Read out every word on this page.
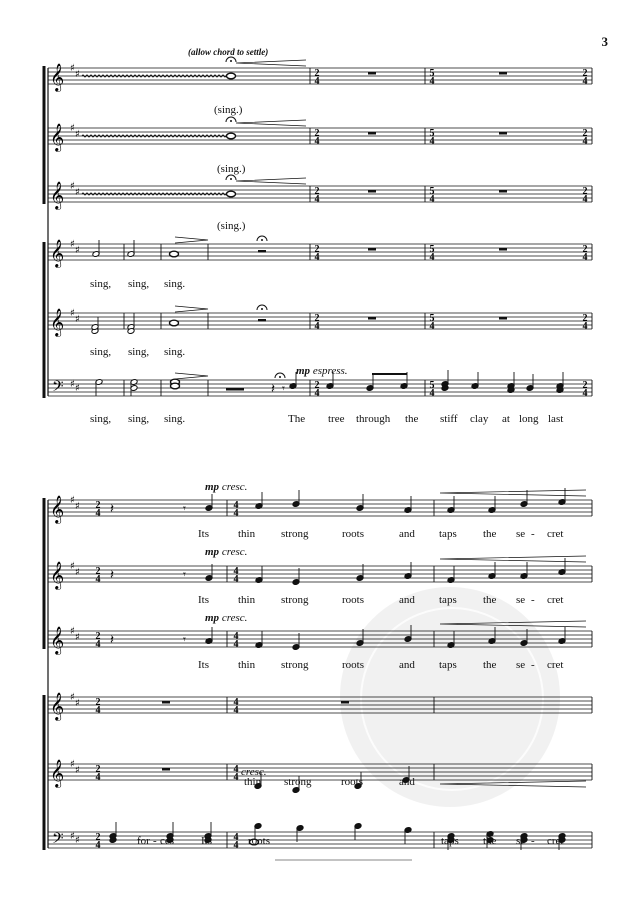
3
(allow chord to settle)
𝄞 ♯
♯	2
4
5
4
2
4
𝄞 ♯
♯	2
4
5
4
2
4
𝄞 ♯
♯	2
4
5
4
2
4
𝄞 ♯
♯	2
4
5
4
2
4
𝄞 ♯
♯	2
4
5
4
2
4
𝄢 ♯ ♯	2
4
5
4
2
4
𝄽 𝄾
𝄞 ♯
♯ 2
4
4
4
𝄞 ♯
♯ 2
4
4
4
𝄞 ♯
♯ 2
4
4
4
𝄞 ♯
♯ 2
4
4
4
𝄞 ♯
♯ 2
4
4
4
𝄢 ♯ ♯ 2
4
4
4
𝄽	𝄾
𝄽	𝄾
𝄽	𝄾
(sing.)
(sing.)
(sing.)
sing, sing, sing.
sing, sing, sing.
sing, sing, sing.	The tree through the stiff clay at long last
mp espress.
mp cresc.
mp cresc.
mp cresc.
cresc.
Its	thin strong	roots	and taps the se - cret
Its	thin strong	roots	and taps the se - cret
Its	thin strong	roots	and taps the se - cret
thin strong	roots	and
for - ces Its	roots	taps the se - cret
